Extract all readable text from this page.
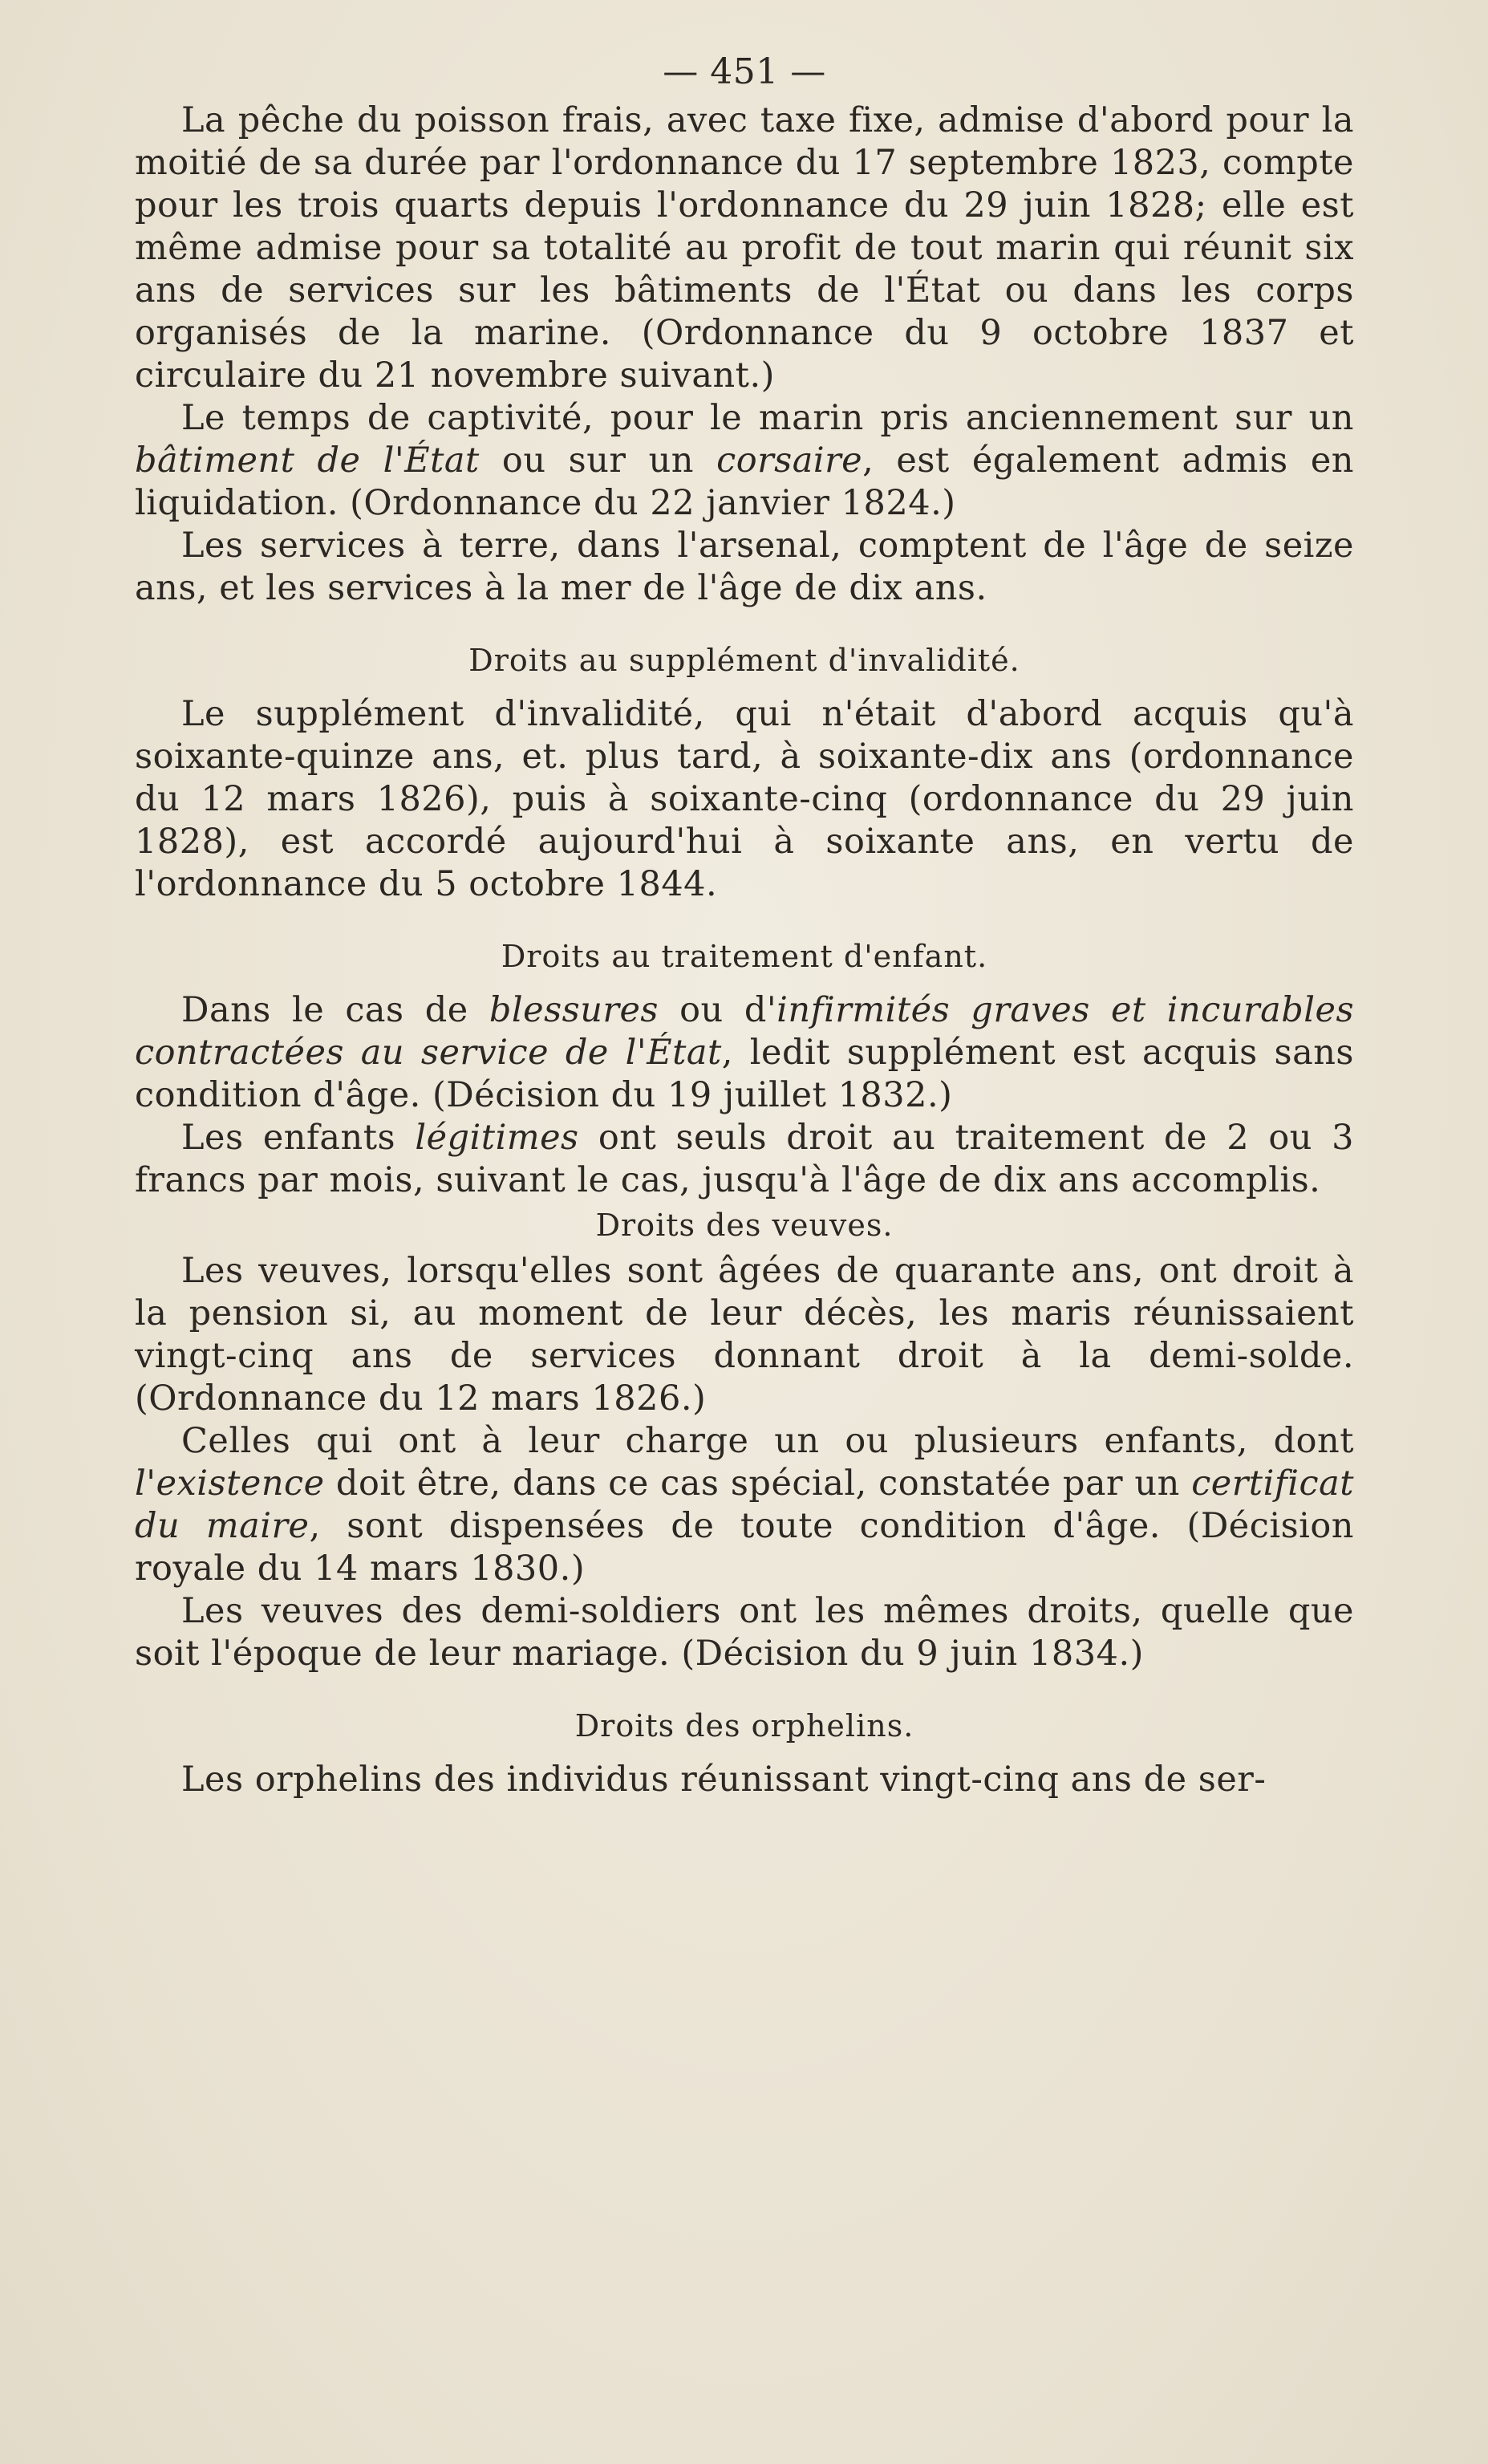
— 451 —

La pêche du poisson frais, avec taxe fixe, admise d'abord pour la moitié de sa durée par l'ordonnance du 17 septembre 1823, compte pour les trois quarts depuis l'ordonnance du 29 juin 1828; elle est même admise pour sa totalité au profit de tout marin qui réunit six ans de services sur les bâtiments de l'État ou dans les corps organisés de la marine. (Ordonnance du 9 octobre 1837 et circulaire du 21 novembre suivant.)

Le temps de captivité, pour le marin pris anciennement sur un bâtiment de l'État ou sur un corsaire, est également admis en liquidation. (Ordonnance du 22 janvier 1824.)

Les services à terre, dans l'arsenal, comptent de l'âge de seize ans, et les services à la mer de l'âge de dix ans.

Droits au supplément d'invalidité.

Le supplément d'invalidité, qui n'était d'abord acquis qu'à soixante-quinze ans, et. plus tard, à soixante-dix ans (ordonnance du 12 mars 1826), puis à soixante-cinq (ordonnance du 29 juin 1828), est accordé aujourd'hui à soixante ans, en vertu de l'ordonnance du 5 octobre 1844.

Droits au traitement d'enfant.

Dans le cas de blessures ou d'infirmités graves et incurables contractées au service de l'État, ledit supplément est acquis sans condition d'âge. (Décision du 19 juillet 1832.)

Les enfants légitimes ont seuls droit au traitement de 2 ou 3 francs par mois, suivant le cas, jusqu'à l'âge de dix ans accomplis.

Droits des veuves.

Les veuves, lorsqu'elles sont âgées de quarante ans, ont droit à la pension si, au moment de leur décès, les maris réunissaient vingt-cinq ans de services donnant droit à la demi-solde. (Ordonnance du 12 mars 1826.)

Celles qui ont à leur charge un ou plusieurs enfants, dont l'existence doit être, dans ce cas spécial, constatée par un certificat du maire, sont dispensées de toute condition d'âge. (Décision royale du 14 mars 1830.)

Les veuves des demi-soldiers ont les mêmes droits, quelle que soit l'époque de leur mariage. (Décision du 9 juin 1834.)

Droits des orphelins.

Les orphelins des individus réunissant vingt-cinq ans de ser-
